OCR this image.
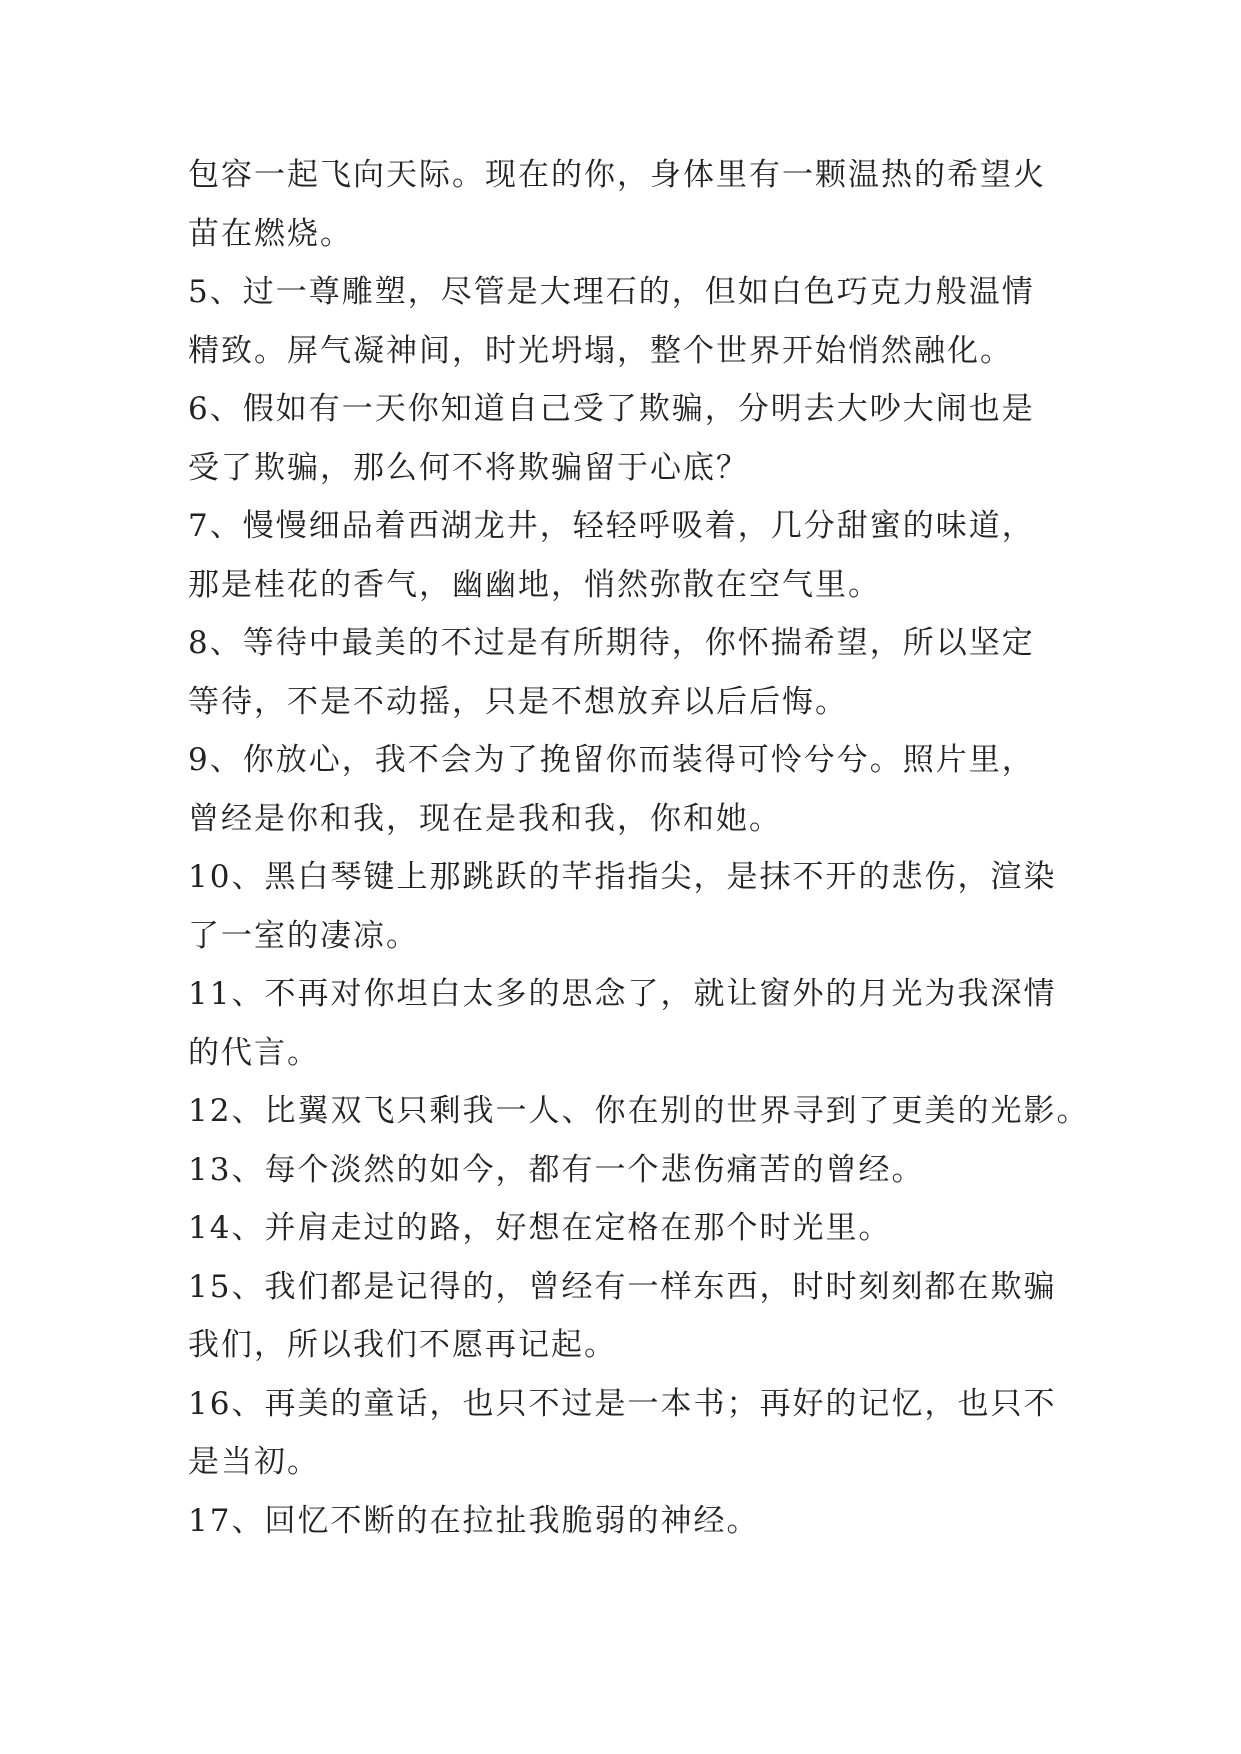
包容一起飞向天际。现在的你，身体里有一颗温热的希望火
苗在燃烧。
5、过一尊雕塑，尽管是大理石的，但如白色巧克力般温情
精致。屏气凝神间，时光坍塌，整个世界开始悄然融化。
6、假如有一天你知道自己受了欺骗，分明去大吵大闹也是
受了欺骗，那么何不将欺骗留于心底？
7、慢慢细品着西湖龙井，轻轻呼吸着，几分甜蜜的味道，
那是桂花的香气，幽幽地，悄然弥散在空气里。
8、等待中最美的不过是有所期待，你怀揣希望，所以坚定
等待，不是不动摇，只是不想放弃以后后悔。
9、你放心，我不会为了挽留你而装得可怜兮兮。照片里，
曾经是你和我，现在是我和我，你和她。
10、黑白琴键上那跳跃的芊指指尖，是抹不开的悲伤，渲染
了一室的凄凉。
11、不再对你坦白太多的思念了，就让窗外的月光为我深情
的代言。
12、比翼双飞只剩我一人、你在别的世界寻到了更美的光影。
13、每个淡然的如今，都有一个悲伤痛苦的曾经。
14、并肩走过的路，好想在定格在那个时光里。
15、我们都是记得的，曾经有一样东西，时时刻刻都在欺骗
我们，所以我们不愿再记起。
16、再美的童话，也只不过是一本书；再好的记忆，也只不
是当初。
17、回忆不断的在拉扯我脆弱的神经。
